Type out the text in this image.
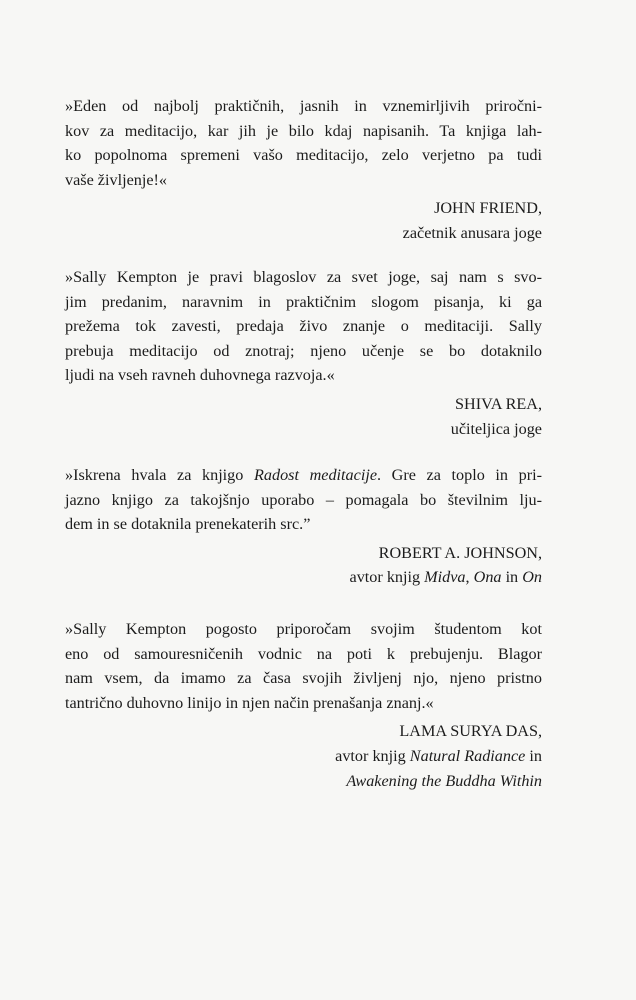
»Eden od najbolj praktičnih, jasnih in vznemirljivih priročni-
kov za meditacijo, kar jih je bilo kdaj napisanih. Ta knjiga lah-
ko popolnoma spremeni vašo meditacijo, zelo verjetno pa tudi
vaše življenje!«

JOHN FRIEND,
začetnik anusara joge

»Sally Kempton je pravi blagoslov za svet joge, saj nam s svo-
jim predanim, naravnim in praktičnim slogom pisanja, ki ga
prežema tok zavesti, predaja živo znanje o meditaciji. Sally
prebuja meditacijo od znotraj; njeno učenje se bo dotaknilo
ljudi na vseh ravneh duhovnega razvoja.«

SHIVA REA,
učiteljica joge

»Iskrena hvala za knjigo Radost meditacije. Gre za toplo in pri-
jazno knjigo za takojšnjo uporabo – pomagala bo številnim lju-
dem in se dotaknila prenekaterih src.”

ROBERT A. JOHNSON,
avtor knjig Midva, Ona in On

»Sally Kempton pogosto priporočam svojim študentom kot
eno od samouresničenih vodnic na poti k prebujenju. Blagor
nam vsem, da imamo za časa svojih življenj njo, njeno pristno
tantrično duhovno linijo in njen način prenašanja znanj.«

LAMA SURYA DAS,
avtor knjig Natural Radiance in
Awakening the Buddha Within
